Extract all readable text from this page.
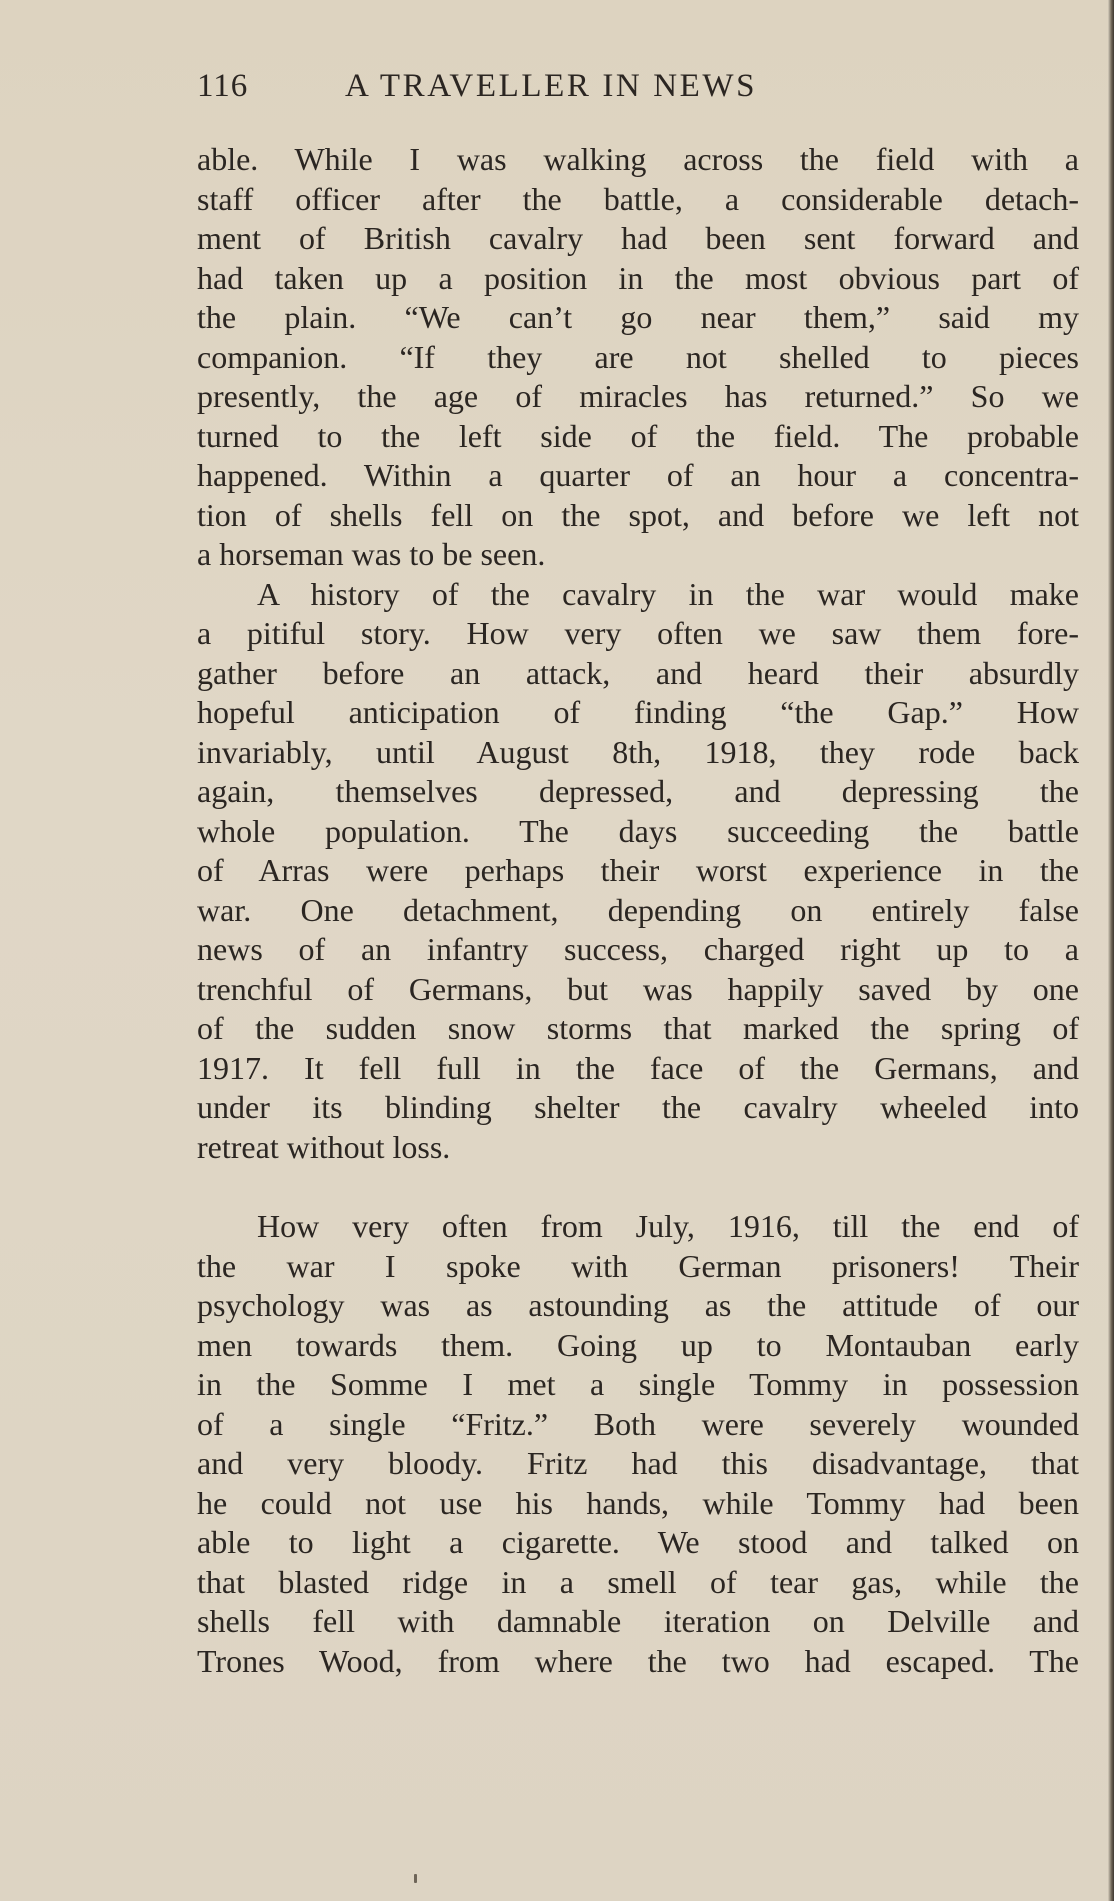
116	A TRAVELLER IN NEWS
able. While I was walking across the field with a
staff officer after the battle, a considerable detach-
ment of British cavalry had been sent forward and
had taken up a position in the most obvious part of
the plain. “We can’t go near them,” said my
companion. “If they are not shelled to pieces
presently, the age of miracles has returned.” So we
turned to the left side of the field. The probable
happened. Within a quarter of an hour a concentra-
tion of shells fell on the spot, and before we left not
a horseman was to be seen.
A history of the cavalry in the war would make
a pitiful story. How very often we saw them fore-
gather before an attack, and heard their absurdly
hopeful anticipation of finding “the Gap.” How
invariably, until August 8th, 1918, they rode back
again, themselves depressed, and depressing the
whole population. The days succeeding the battle
of Arras were perhaps their worst experience in the
war. One detachment, depending on entirely false
news of an infantry success, charged right up to a
trenchful of Germans, but was happily saved by one
of the sudden snow storms that marked the spring of
1917. It fell full in the face of the Germans, and
under its blinding shelter the cavalry wheeled into
retreat without loss.
How very often from July, 1916, till the end of
the war I spoke with German prisoners! Their
psychology was as astounding as the attitude of our
men towards them. Going up to Montauban early
in the Somme I met a single Tommy in possession
of a single “Fritz.” Both were severely wounded
and very bloody. Fritz had this disadvantage, that
he could not use his hands, while Tommy had been
able to light a cigarette. We stood and talked on
that blasted ridge in a smell of tear gas, while the
shells fell with damnable iteration on Delville and
Trones Wood, from where the two had escaped. The
